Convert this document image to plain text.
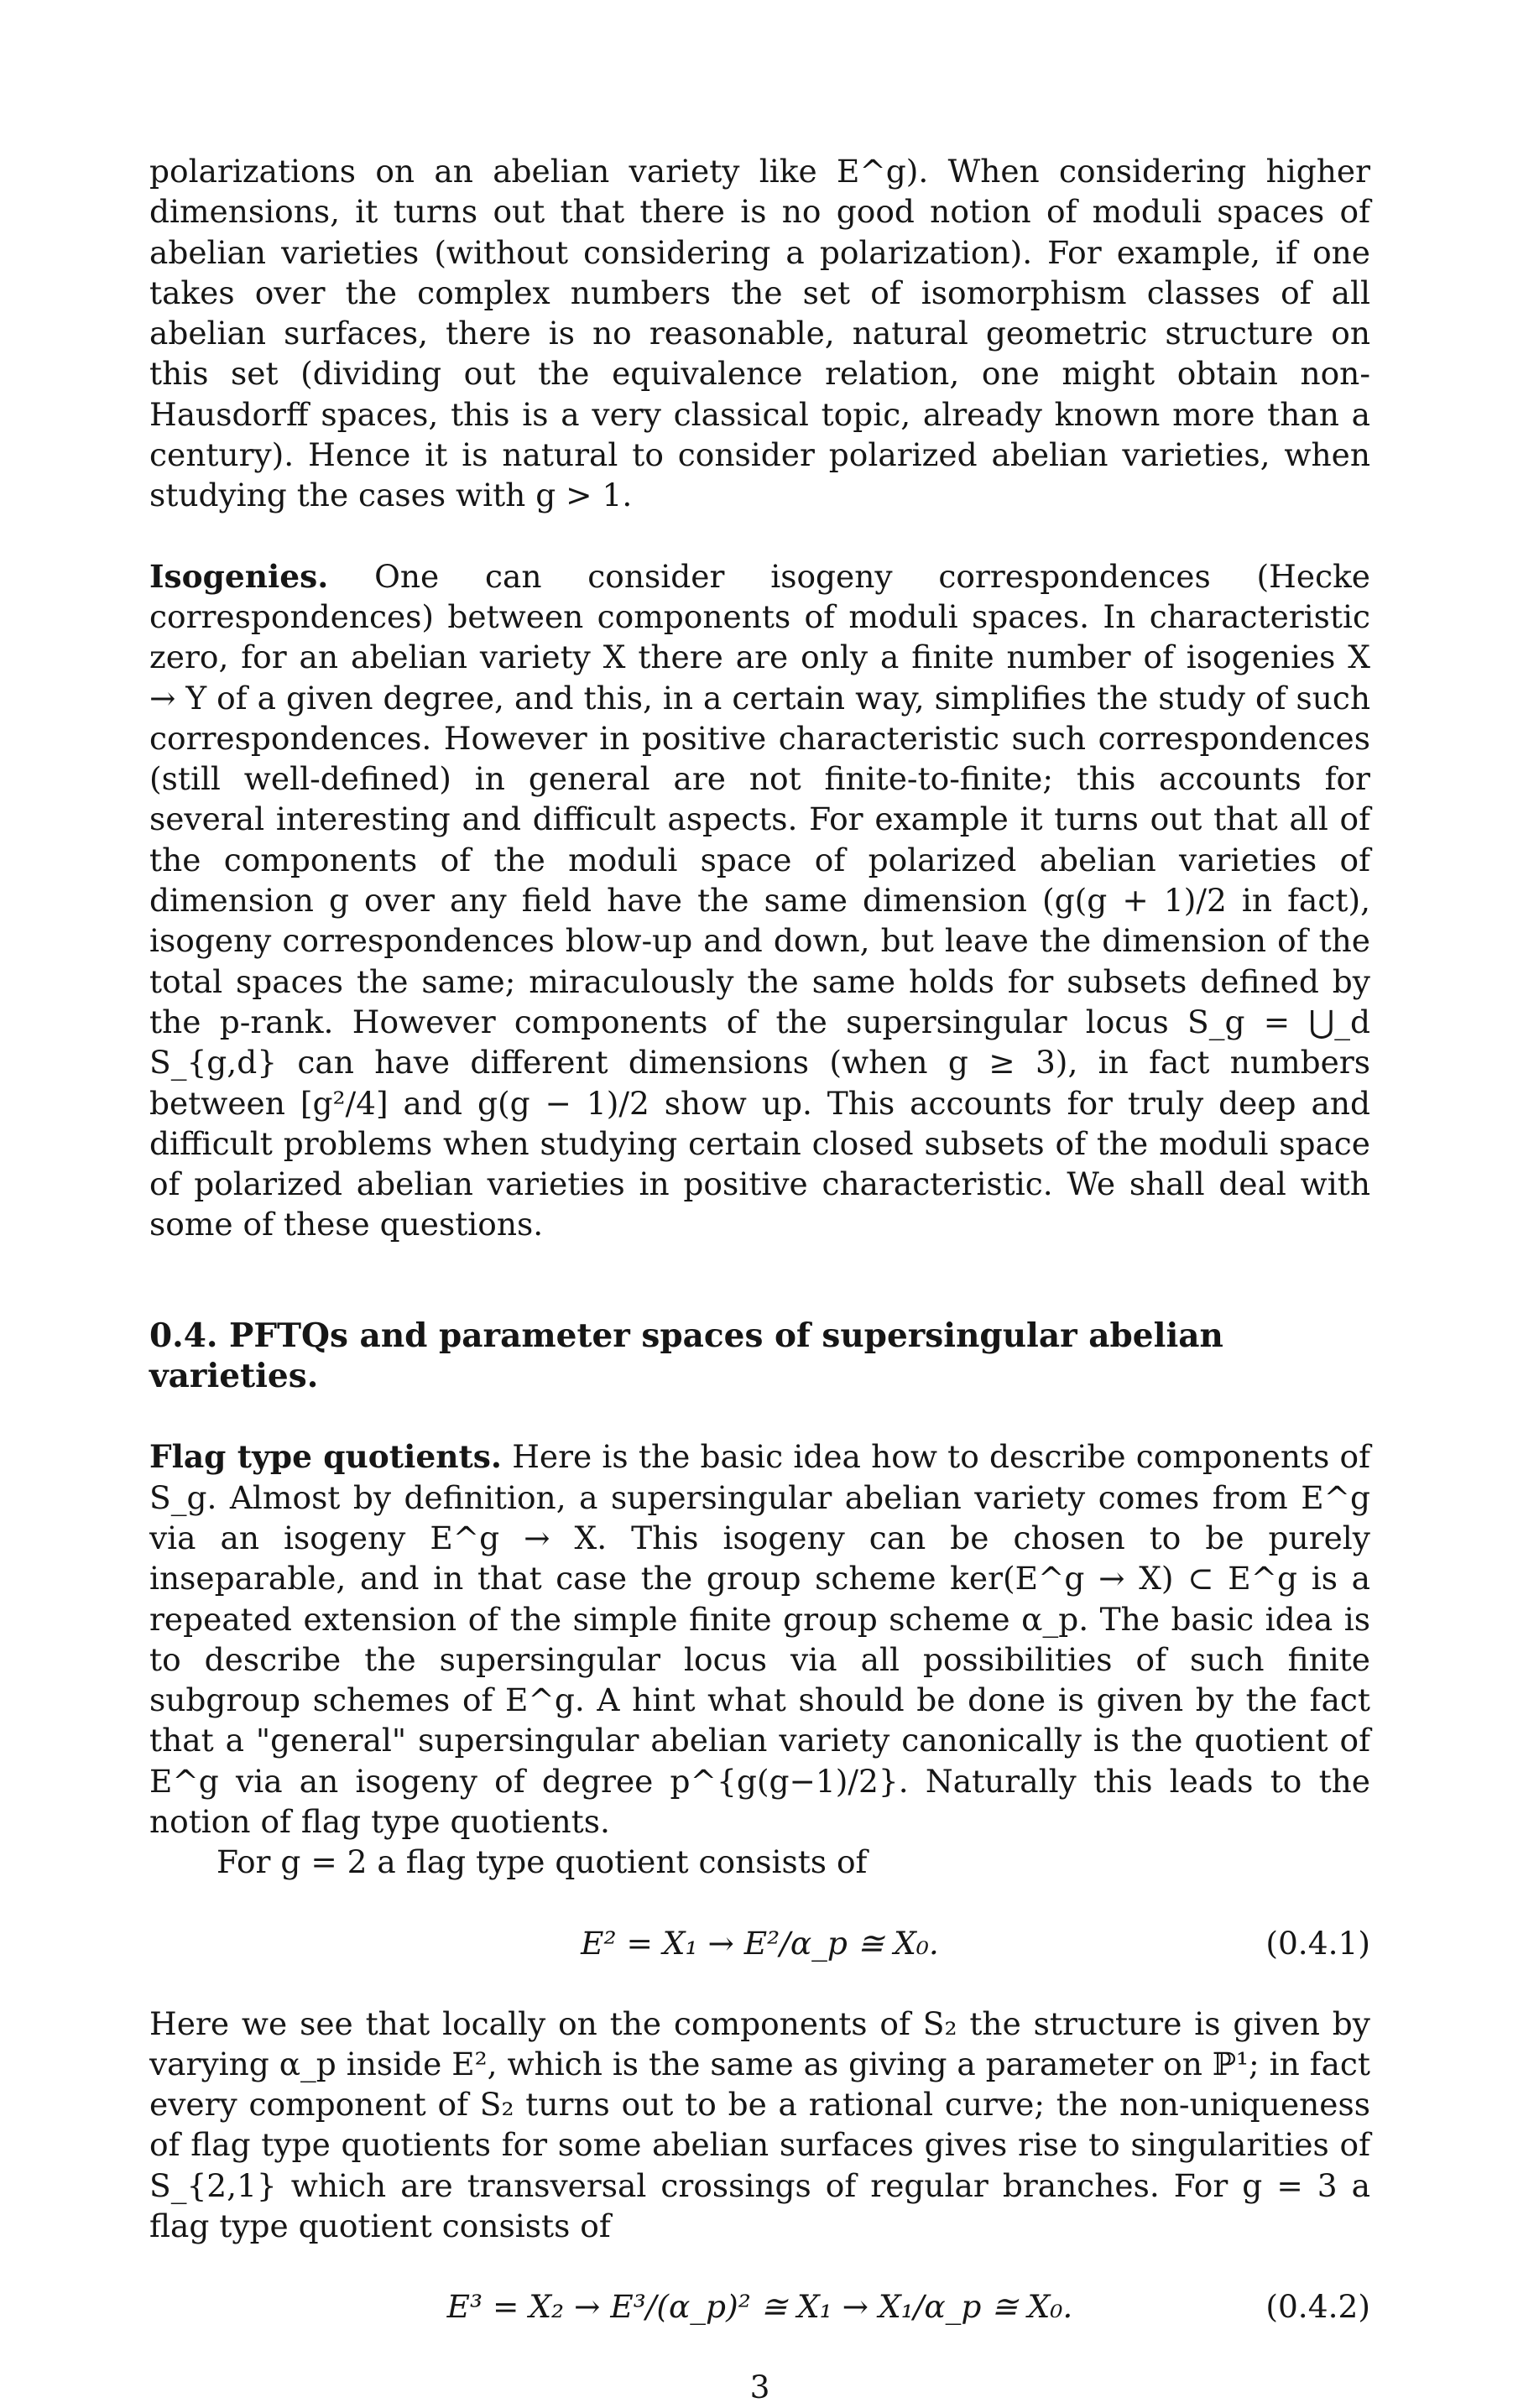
polarizations on an abelian variety like E^g). When considering higher dimensions, it turns out that there is no good notion of moduli spaces of abelian varieties (without considering a polarization). For example, if one takes over the complex numbers the set of isomorphism classes of all abelian surfaces, there is no reasonable, natural geometric structure on this set (dividing out the equivalence relation, one might obtain non-Hausdorff spaces, this is a very classical topic, already known more than a century). Hence it is natural to consider polarized abelian varieties, when studying the cases with g > 1.

Isogenies. One can consider isogeny correspondences (Hecke correspondences) between components of moduli spaces. In characteristic zero, for an abelian variety X there are only a finite number of isogenies X → Y of a given degree, and this, in a certain way, simplifies the study of such correspondences. However in positive characteristic such correspondences (still well-defined) in general are not finite-to-finite; this accounts for several interesting and difficult aspects. For example it turns out that all of the components of the moduli space of polarized abelian varieties of dimension g over any field have the same dimension (g(g + 1)/2 in fact), isogeny correspondences blow-up and down, but leave the dimension of the total spaces the same; miraculously the same holds for subsets defined by the p-rank. However components of the supersingular locus S_g = ⋃_d S_{g,d} can have different dimensions (when g ≥ 3), in fact numbers between [g²/4] and g(g − 1)/2 show up. This accounts for truly deep and difficult problems when studying certain closed subsets of the moduli space of polarized abelian varieties in positive characteristic. We shall deal with some of these questions.

0.4. PFTQs and parameter spaces of supersingular abelian varieties.

Flag type quotients. Here is the basic idea how to describe components of S_g. Almost by definition, a supersingular abelian variety comes from E^g via an isogeny E^g → X. This isogeny can be chosen to be purely inseparable, and in that case the group scheme ker(E^g → X) ⊂ E^g is a repeated extension of the simple finite group scheme α_p. The basic idea is to describe the supersingular locus via all possibilities of such finite subgroup schemes of E^g. A hint what should be done is given by the fact that a "general" supersingular abelian variety canonically is the quotient of E^g via an isogeny of degree p^{g(g−1)/2}. Naturally this leads to the notion of flag type quotients.

For g = 2 a flag type quotient consists of

E² = X₁ → E²/α_p ≅ X₀.	(0.4.1)

Here we see that locally on the components of S₂ the structure is given by varying α_p inside E², which is the same as giving a parameter on ℙ¹; in fact every component of S₂ turns out to be a rational curve; the non-uniqueness of flag type quotients for some abelian surfaces gives rise to singularities of S_{2,1} which are transversal crossings of regular branches. For g = 3 a flag type quotient consists of

E³ = X₂ → E³/(α_p)² ≅ X₁ → X₁/α_p ≅ X₀.	(0.4.2)
3
